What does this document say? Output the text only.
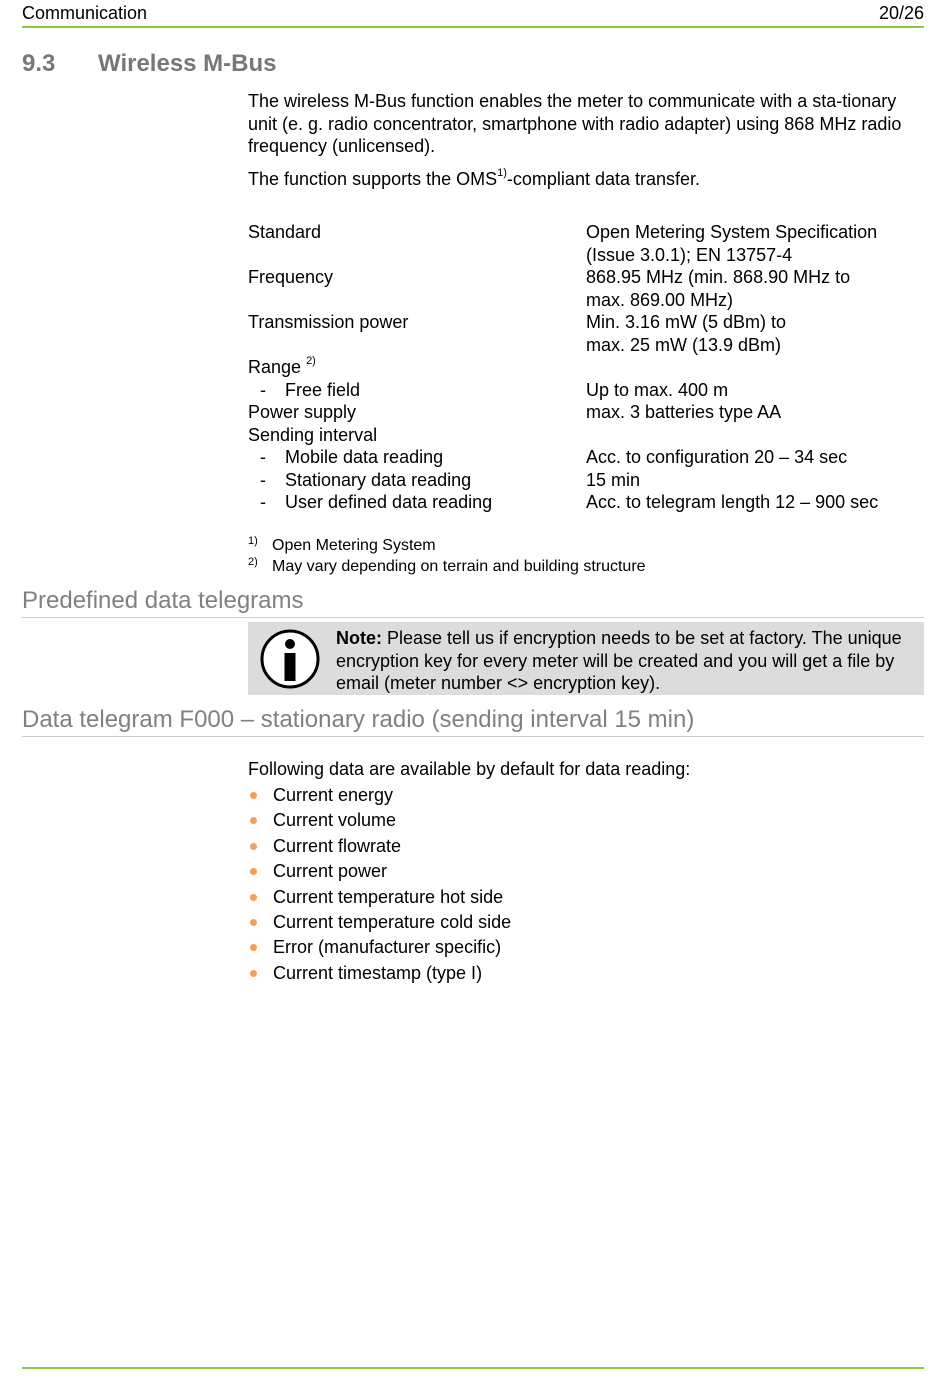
Communication	20/26
9.3 Wireless M-Bus
The wireless M-Bus function enables the meter to communicate with a sta-tionary unit (e. g. radio concentrator, smartphone with radio adapter) using 868 MHz radio frequency (unlicensed).
The function supports the OMS$^{1)}$-compliant data transfer.
Standard	Open Metering System Specification
(Issue 3.0.1); EN 13757-4
Frequency	868.95 MHz (min. 868.90 MHz to
max. 869.00 MHz)
Transmission power	Min. 3.16 mW (5 dBm) to
max. 25 mW (13.9 dBm)
Range $^{2)}$
- Free field	Up to max. 400 m
Power supply	max. 3 batteries type AA
Sending interval
- Mobile data reading	Acc. to configuration 20 – 34 sec
- Stationary data reading	15 min
- User defined data reading	Acc. to telegram length 12 – 900 sec
1) Open Metering System
2) May vary depending on terrain and building structure
Predefined data telegrams
Note: Please tell us if encryption needs to be set at factory. The unique encryption key for every meter will be created and you will get a file by email (meter number <> encryption key).
Data telegram F000 – stationary radio (sending interval 15 min)
Following data are available by default for data reading:
Current energy
Current volume
Current flowrate
Current power
Current temperature hot side
Current temperature cold side
Error (manufacturer specific)
Current timestamp (type I)
